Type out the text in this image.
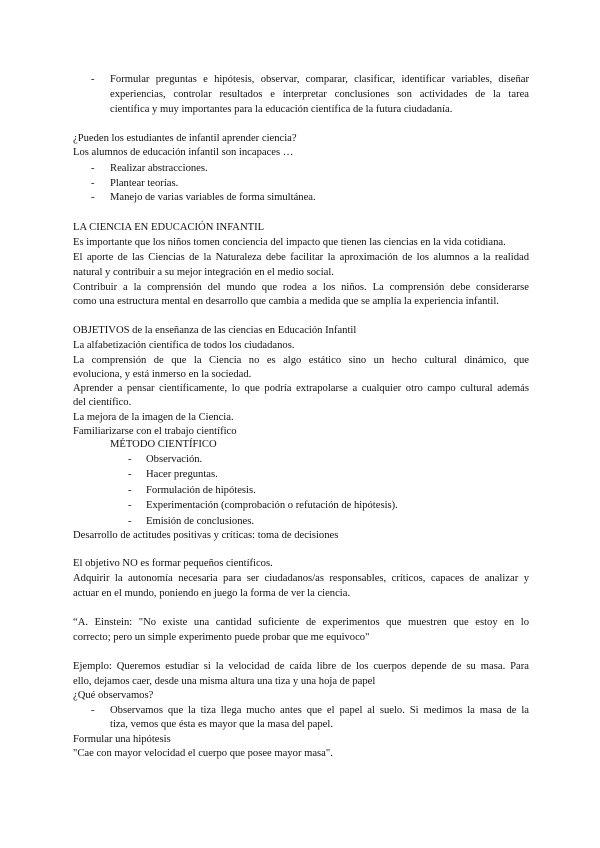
- Formular preguntas e hipótesis, observar, comparar, clasificar, identificar variables, diseñar
experiencias, controlar resultados e interpretar conclusiones son actividades de la tarea
científica y muy importantes para la educación científica de la futura ciudadanía.
¿Pueden los estudiantes de infantil aprender ciencia?
Los alumnos de educación infantil son incapaces …
- Realizar abstracciones.
- Plantear teorías.
- Manejo de varias variables de forma simultánea.
LA CIENCIA EN EDUCACIÓN INFANTIL
Es importante que los niños tomen conciencia del impacto que tienen las ciencias en la vida cotidiana.
El aporte de las Ciencias de la Naturaleza debe facilitar la aproximación de los alumnos a la realidad
natural y contribuir a su mejor integración en el medio social.
Contribuir a la comprensión del mundo que rodea a los niños. La comprensión debe considerarse
como una estructura mental en desarrollo que cambia a medida que se amplía la experiencia infantil.
OBJETIVOS de la enseñanza de las ciencias en Educación Infantil
La alfabetización científica de todos los ciudadanos.
La comprensión de que la Ciencia no es algo estático sino un hecho cultural dinámico, que
evoluciona, y está inmerso en la sociedad.
Aprender a pensar científicamente, lo que podría extrapolarse a cualquier otro campo cultural además
del científico.
La mejora de la imagen de la Ciencia.
Familiarizarse con el trabajo científico
MÉTODO CIENTÍFICO
- Observación.
- Hacer preguntas.
- Formulación de hipótesis.
- Experimentación (comprobación o refutación de hipótesis).
- Emisión de conclusiones.
Desarrollo de actitudes positivas y críticas: toma de decisiones
El objetivo NO es formar pequeños científicos.
Adquirir la autonomía necesaria para ser ciudadanos/as responsables, críticos, capaces de analizar y
actuar en el mundo, poniendo en juego la forma de ver la ciencia.
“A. Einstein: "No existe una cantidad suficiente de experimentos que muestren que estoy en lo
correcto; pero un simple experimento puede probar que me equivoco"
Ejemplo: Queremos estudiar si la velocidad de caída libre de los cuerpos depende de su masa. Para
ello, dejamos caer, desde una misma altura una tiza y una hoja de papel
¿Qué observamos?
- Observamos que la tiza llega mucho antes que el papel al suelo. Si medimos la masa de la
tiza, vemos que ésta es mayor que la masa del papel.
Formular una hipótesis
"Cae con mayor velocidad el cuerpo que posee mayor masa".
